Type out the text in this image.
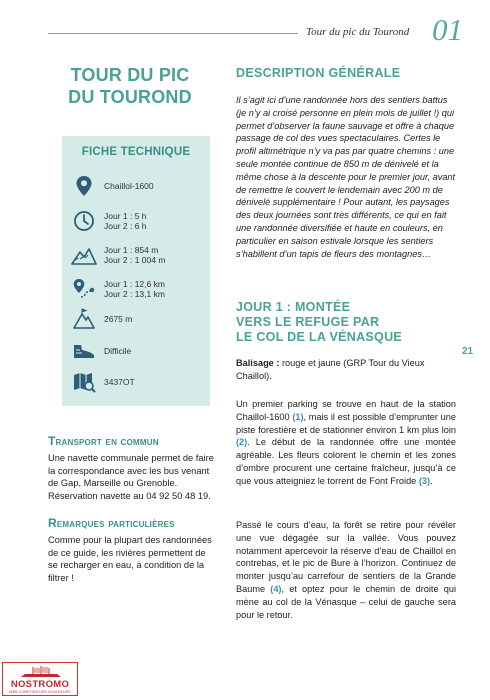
Tour du pic du Tourond 01
TOUR DU PIC
DU TOUROND
FICHE TECHNIQUE
Chaillol-1600
Jour 1 : 5 h
Jour 2 : 6 h
Jour 1 : 854 m
Jour 2 : 1 004 m
Jour 1 : 12,6 km
Jour 2 : 13,1 km
2675 m
Difficile
3437OT
Transport en commun
Une navette communale permet de faire la correspondance avec les bus venant de Gap, Marseille ou Grenoble. Réservation navette au 04 92 50 48 19.
Remarques particulières
Comme pour la plupart des randonnées de ce guide, les rivières permettent de se recharger en eau, à condition de la filtrer !
DESCRIPTION GÉNÉRALE
Il s’agit ici d’une randonnée hors des sentiers battus (je n’y ai croisé personne en plein mois de juillet !) qui permet d’observer la faune sauvage et offre à chaque passage de col des vues spectaculaires. Certes le profil altimétrique n’y va pas par quatre chemins : une seule montée continue de 850 m de dénivelé et la même chose à la descente pour le premier jour, avant de remettre le couvert le lendemain avec 200 m de dénivelé supplémentaire ! Pour autant, les paysages des deux journées sont très différents, ce qui en fait une randonnée diversifiée et haute en couleurs, en particulier en saison estivale lorsque les sentiers s’habillent d’un tapis de fleurs des montagnes…
JOUR 1 : MONTÉE
VERS LE REFUGE PAR
LE COL DE LA VÉNASQUE
Balisage : rouge et jaune (GRP Tour du Vieux Chaillol).
Un premier parking se trouve en haut de la station Chaillol-1600 (1), mais il est possible d’emprunter une piste forestière et de stationner environ 1 km plus loin (2). Le début de la randonnée offre une montée agréable. Les fleurs colorent le chemin et les zones d’ombre procurent une certaine fraîcheur, jusqu’à ce que vous atteigniez le torrent de Font Froide (3).
Passé le cours d’eau, la forêt se retire pour révéler une vue dégagée sur la vallée. Vous pouvez notamment apercevoir la réserve d’eau de Chaillol en contrebas, et le pic de Bure à l’horizon. Continuez de monter jusqu’au carrefour de sentiers de la Grande Baume (4), et optez pour le chemin de droite qui mène au col de la Vénasque – celui de gauche sera pour le retour.
21
NOSTROMO
WEB COMPTOIR DES VOYAGEURS
